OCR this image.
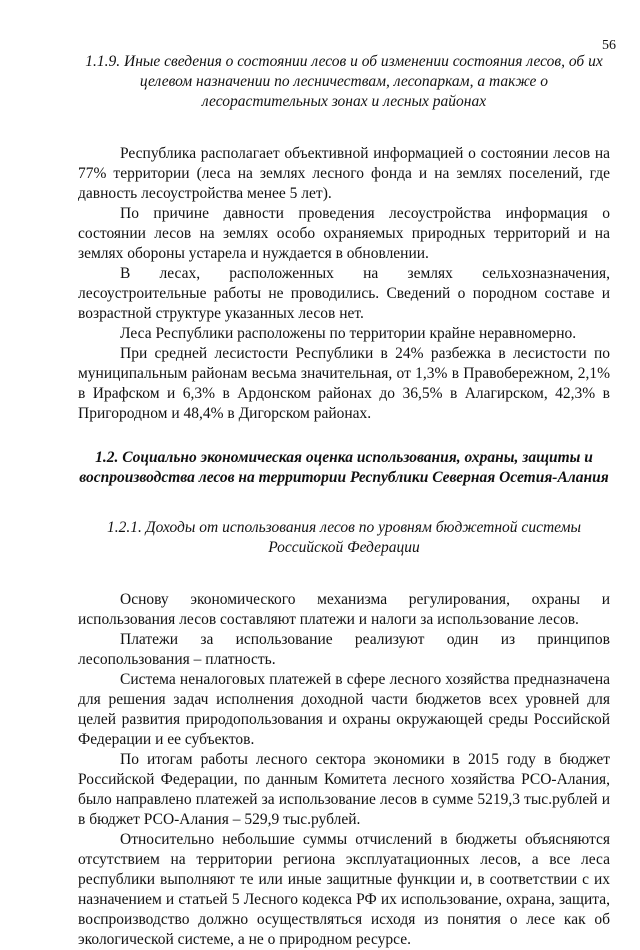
56

1.1.9. Иные сведения о состоянии лесов и об изменении состояния лесов, об их целевом назначении по лесничествам, лесопаркам, а также о лесорастительных зонах и лесных районах

Республика располагает объективной информацией о состоянии лесов на 77% территории (леса на землях лесного фонда и на землях поселений, где давность лесоустройства менее 5 лет).

По причине давности проведения лесоустройства информация о состоянии лесов на землях особо охраняемых природных территорий и на землях обороны устарела и нуждается в обновлении.

В лесах, расположенных на землях сельхозназначения, лесоустроительные работы не проводились. Сведений о породном составе и возрастной структуре указанных лесов нет.

Леса Республики расположены по территории крайне неравномерно.

При средней лесистости Республики в 24% разбежка в лесистости по муниципальным районам весьма значительная, от 1,3% в Правобережном, 2,1% в Ирафском и 6,3% в Ардонском районах до 36,5% в Алагирском, 42,3% в Пригородном и 48,4% в Дигорском районах.

1.2. Социально экономическая оценка использования, охраны, защиты и воспроизводства лесов на территории Республики Северная Осетия-Алания

1.2.1. Доходы от использования лесов по уровням бюджетной системы Российской Федерации

Основу экономического механизма регулирования, охраны и использования лесов составляют платежи и налоги за использование лесов.

Платежи за использование реализуют один из принципов лесопользования – платность.

Система неналоговых платежей в сфере лесного хозяйства предназначена для решения задач исполнения доходной части бюджетов всех уровней для целей развития природопользования и охраны окружающей среды Российской Федерации и ее субъектов.

По итогам работы лесного сектора экономики в 2015 году в бюджет Российской Федерации, по данным Комитета лесного хозяйства РСО-Алания, было направлено платежей за использование лесов в сумме 5219,3 тыс.рублей и в бюджет РСО-Алания – 529,9 тыс.рублей.

Относительно небольшие суммы отчислений в бюджеты объясняются отсутствием на территории региона эксплуатационных лесов, а все леса республики выполняют те или иные защитные функции и, в соответствии с их назначением и статьей 5 Лесного кодекса РФ их использование, охрана, защита, воспроизводство должно осуществляться исходя из понятия о лесе как об экологической системе, а не о природном ресурсе.
